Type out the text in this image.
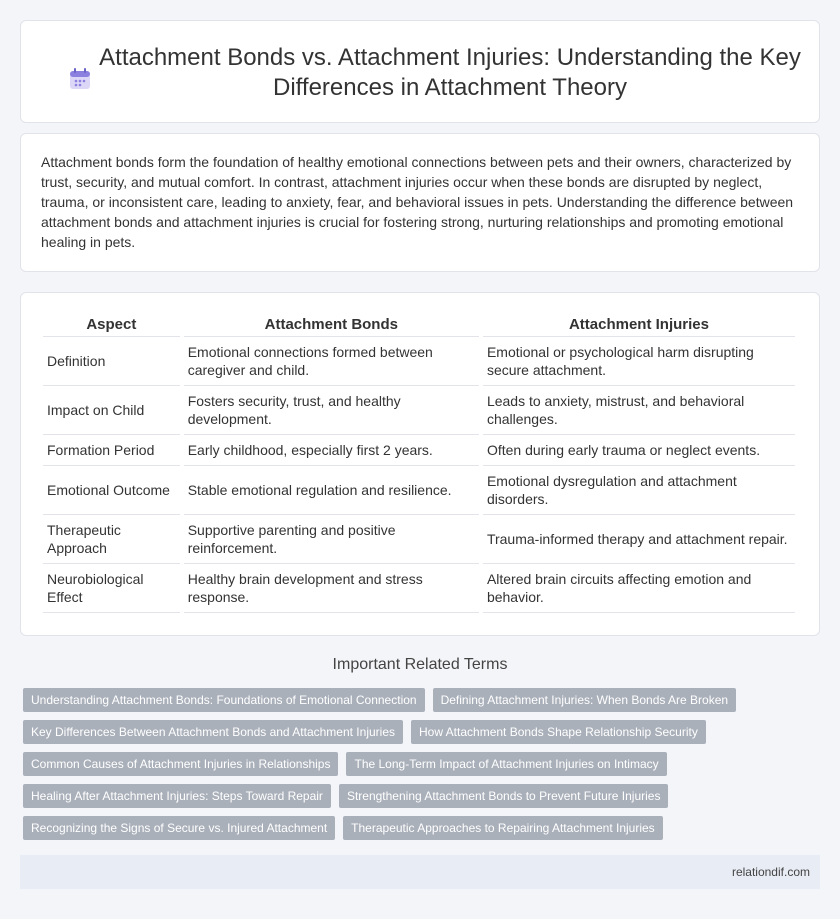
Attachment Bonds vs. Attachment Injuries: Understanding the Key Differences in Attachment Theory

Attachment bonds form the foundation of healthy emotional connections between pets and their owners, characterized by trust, security, and mutual comfort. In contrast, attachment injuries occur when these bonds are disrupted by neglect, trauma, or inconsistent care, leading to anxiety, fear, and behavioral issues in pets. Understanding the difference between attachment bonds and attachment injuries is crucial for fostering strong, nurturing relationships and promoting emotional healing in pets.

Aspect	Attachment Bonds	Attachment Injuries
Definition	Emotional connections formed between caregiver and child.	Emotional or psychological harm disrupting secure attachment.
Impact on Child	Fosters security, trust, and healthy development.	Leads to anxiety, mistrust, and behavioral challenges.
Formation Period	Early childhood, especially first 2 years.	Often during early trauma or neglect events.
Emotional Outcome	Stable emotional regulation and resilience.	Emotional dysregulation and attachment disorders.
Therapeutic Approach	Supportive parenting and positive reinforcement.	Trauma-informed therapy and attachment repair.
Neurobiological Effect	Healthy brain development and stress response.	Altered brain circuits affecting emotion and behavior.
Important Related Terms
Understanding Attachment Bonds: Foundations of Emotional Connection	Defining Attachment Injuries: When Bonds Are Broken
Key Differences Between Attachment Bonds and Attachment Injuries	How Attachment Bonds Shape Relationship Security
Common Causes of Attachment Injuries in Relationships	The Long-Term Impact of Attachment Injuries on Intimacy
Healing After Attachment Injuries: Steps Toward Repair	Strengthening Attachment Bonds to Prevent Future Injuries
Recognizing the Signs of Secure vs. Injured Attachment	Therapeutic Approaches to Repairing Attachment Injuries
relationdif.com
